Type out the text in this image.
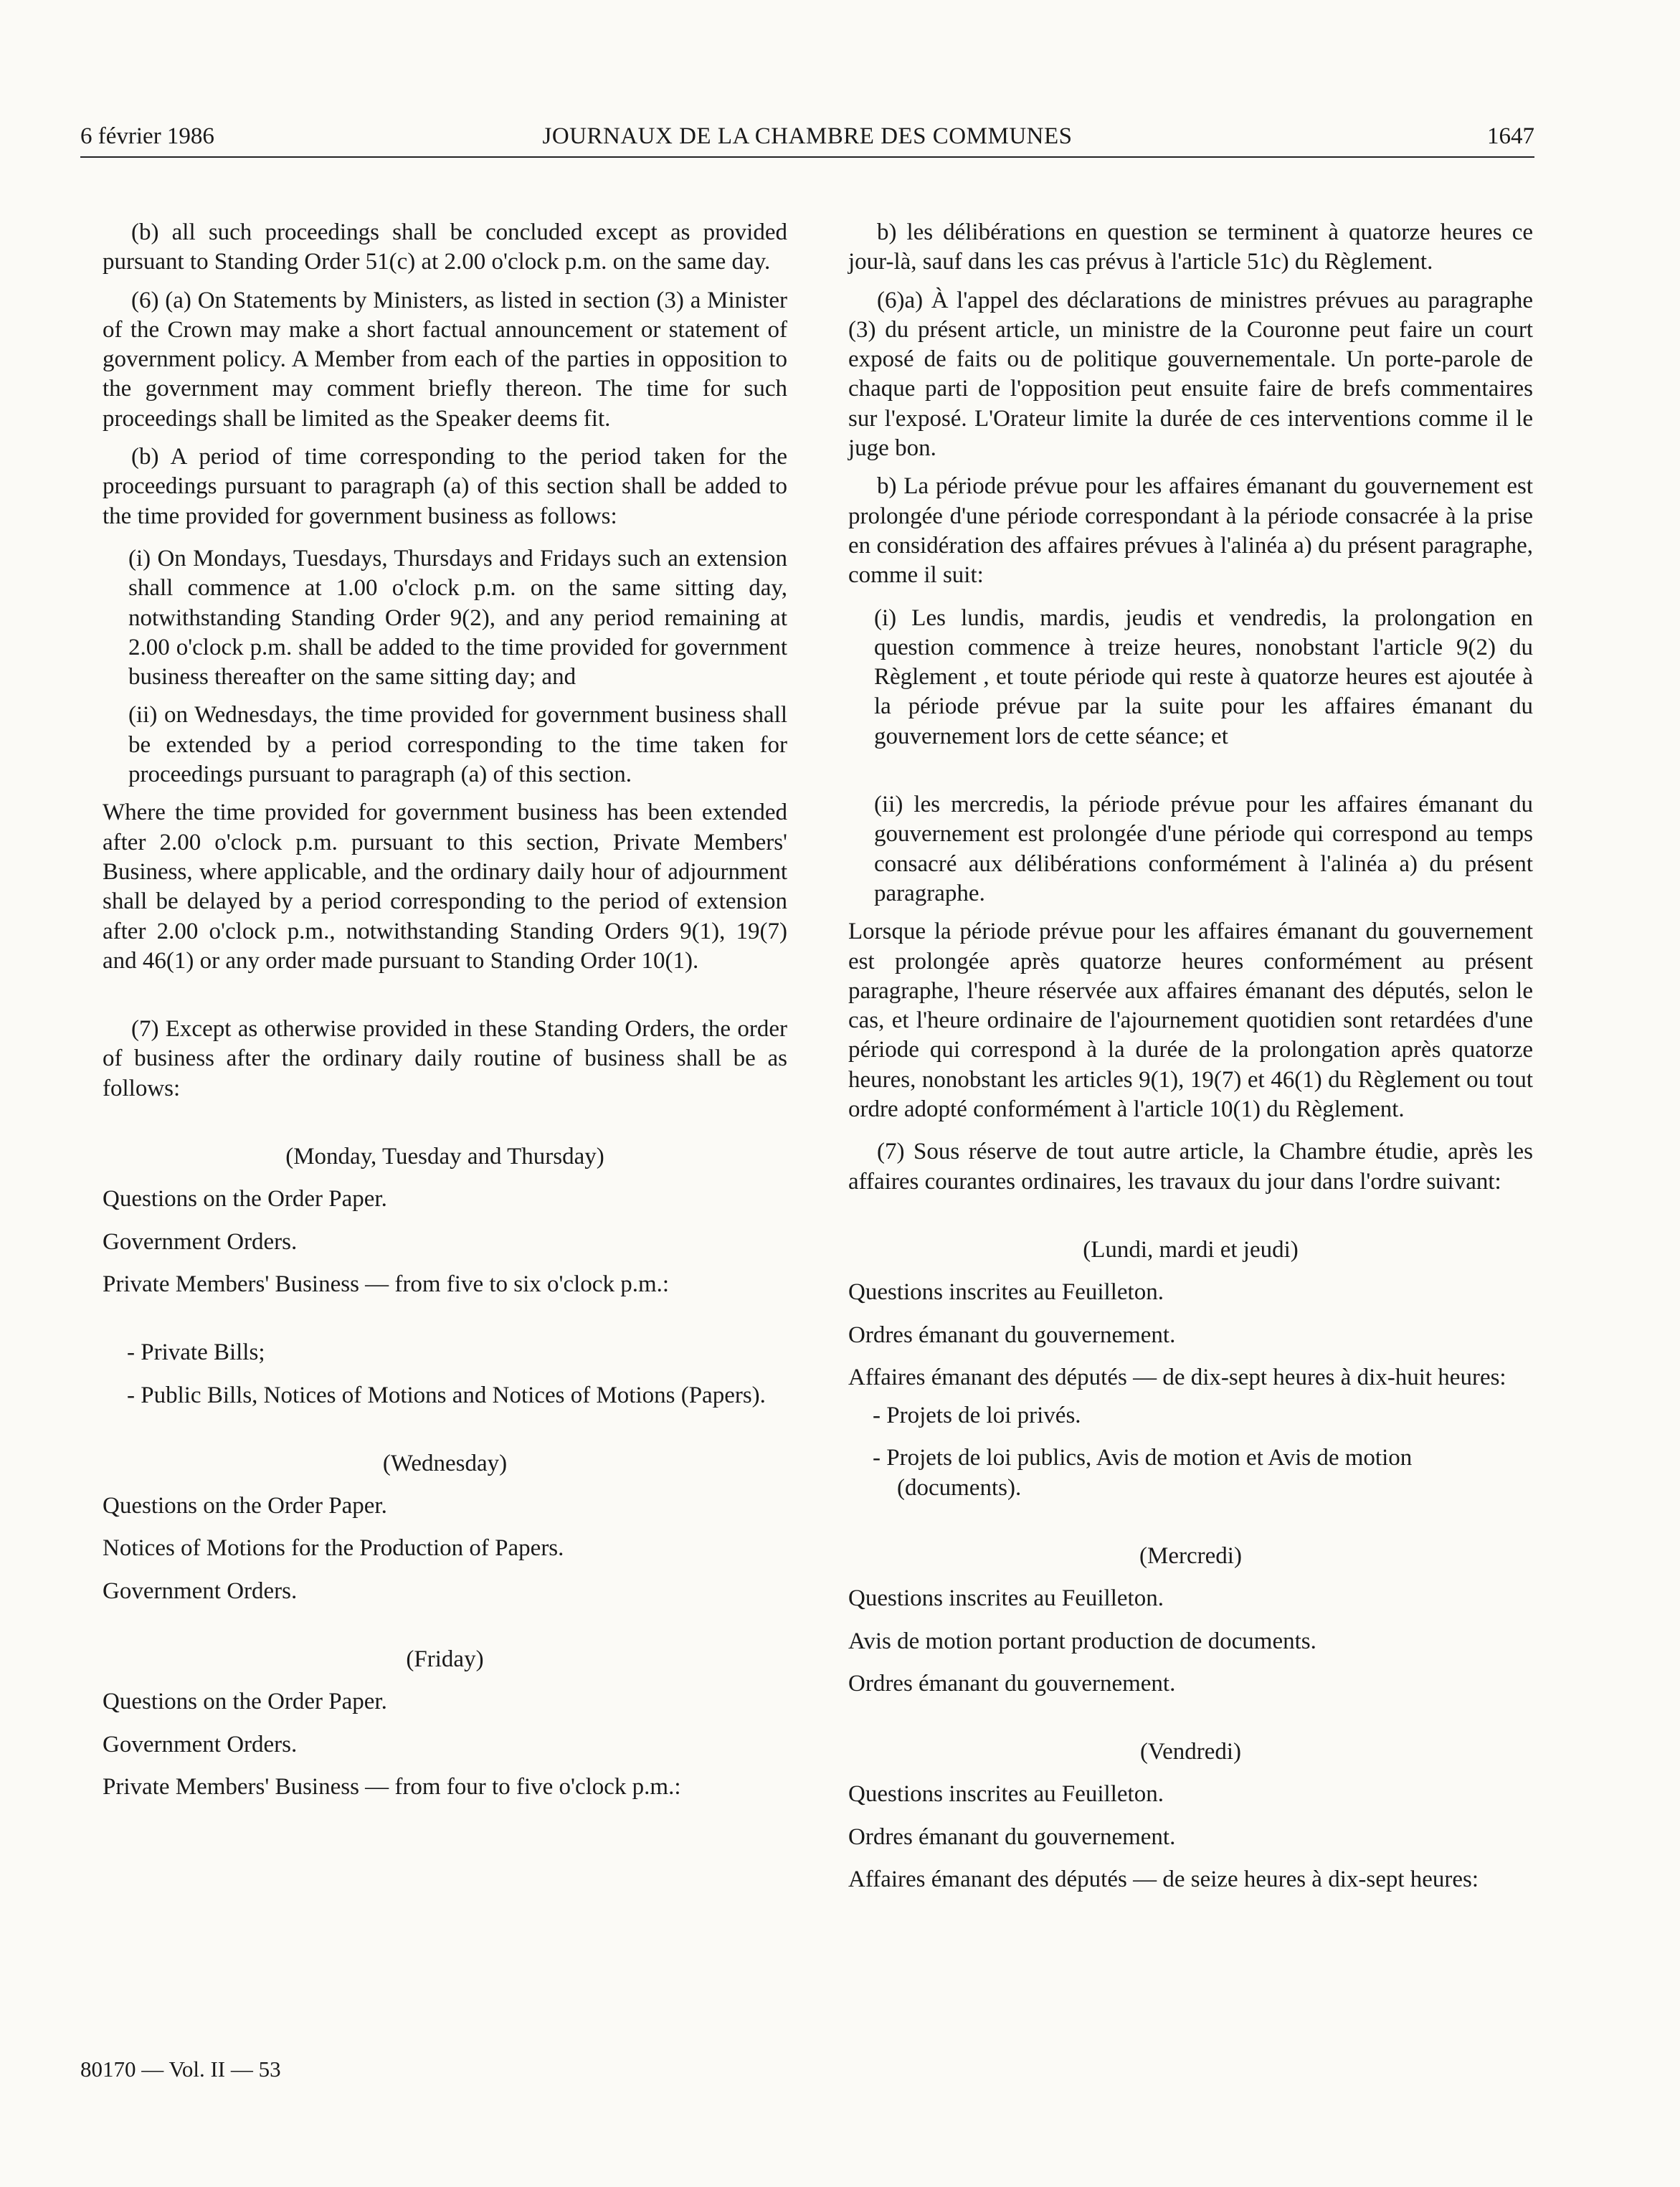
6 février 1986	JOURNAUX DE LA CHAMBRE DES COMMUNES	1647

(b) all such proceedings shall be concluded except as provided pursuant to Standing Order 51(c) at 2.00 o'clock p.m. on the same day.

(6) (a) On Statements by Ministers, as listed in section (3) a Minister of the Crown may make a short factual announcement or statement of government policy. A Member from each of the parties in opposition to the government may comment briefly thereon. The time for such proceedings shall be limited as the Speaker deems fit.

(b) A period of time corresponding to the period taken for the proceedings pursuant to paragraph (a) of this section shall be added to the time provided for government business as follows:

(i) On Mondays, Tuesdays, Thursdays and Fridays such an extension shall commence at 1.00 o'clock p.m. on the same sitting day, notwithstanding Standing Order 9(2), and any period remaining at 2.00 o'clock p.m. shall be added to the time provided for government business thereafter on the same sitting day; and

(ii) on Wednesdays, the time provided for government business shall be extended by a period corresponding to the time taken for proceedings pursuant to paragraph (a) of this section.

Where the time provided for government business has been extended after 2.00 o'clock p.m. pursuant to this section, Private Members' Business, where applicable, and the ordinary daily hour of adjournment shall be delayed by a period corresponding to the period of extension after 2.00 o'clock p.m., notwithstanding Standing Orders 9(1), 19(7) and 46(1) or any order made pursuant to Standing Order 10(1).

(7) Except as otherwise provided in these Standing Orders, the order of business after the ordinary daily routine of business shall be as follows:

(Monday, Tuesday and Thursday)

Questions on the Order Paper.

Government Orders.

Private Members' Business — from five to six o'clock p.m.:

- Private Bills;

- Public Bills, Notices of Motions and Notices of Motions (Papers).

(Wednesday)

Questions on the Order Paper.

Notices of Motions for the Production of Papers.

Government Orders.

(Friday)

Questions on the Order Paper.

Government Orders.

Private Members' Business — from four to five o'clock p.m.:

b) les délibérations en question se terminent à quatorze heures ce jour-là, sauf dans les cas prévus à l'article 51c) du Règlement.

(6)a) À l'appel des déclarations de ministres prévues au paragraphe (3) du présent article, un ministre de la Couronne peut faire un court exposé de faits ou de politique gouvernementale. Un porte-parole de chaque parti de l'opposition peut ensuite faire de brefs commentaires sur l'exposé. L'Orateur limite la durée de ces interventions comme il le juge bon.

b) La période prévue pour les affaires émanant du gouvernement est prolongée d'une période correspondant à la période consacrée à la prise en considération des affaires prévues à l'alinéa a) du présent paragraphe, comme il suit:

(i) Les lundis, mardis, jeudis et vendredis, la prolongation en question commence à treize heures, nonobstant l'article 9(2) du Règlement , et toute période qui reste à quatorze heures est ajoutée à la période prévue par la suite pour les affaires émanant du gouvernement lors de cette séance; et

(ii) les mercredis, la période prévue pour les affaires émanant du gouvernement est prolongée d'une période qui correspond au temps consacré aux délibérations conformément à l'alinéa a) du présent paragraphe.

Lorsque la période prévue pour les affaires émanant du gouvernement est prolongée après quatorze heures conformément au présent paragraphe, l'heure réservée aux affaires émanant des députés, selon le cas, et l'heure ordinaire de l'ajournement quotidien sont retardées d'une période qui correspond à la durée de la prolongation après quatorze heures, nonobstant les articles 9(1), 19(7) et 46(1) du Règlement ou tout ordre adopté conformément à l'article 10(1) du Règlement.

(7) Sous réserve de tout autre article, la Chambre étudie, après les affaires courantes ordinaires, les travaux du jour dans l'ordre suivant:

(Lundi, mardi et jeudi)

Questions inscrites au Feuilleton.

Ordres émanant du gouvernement.

Affaires émanant des députés — de dix-sept heures à dix-huit heures:

- Projets de loi privés.

- Projets de loi publics, Avis de motion et Avis de motion (documents).

(Mercredi)

Questions inscrites au Feuilleton.

Avis de motion portant production de documents.

Ordres émanant du gouvernement.

(Vendredi)

Questions inscrites au Feuilleton.

Ordres émanant du gouvernement.

Affaires émanant des députés — de seize heures à dix-sept heures:

80170 — Vol. II — 53
